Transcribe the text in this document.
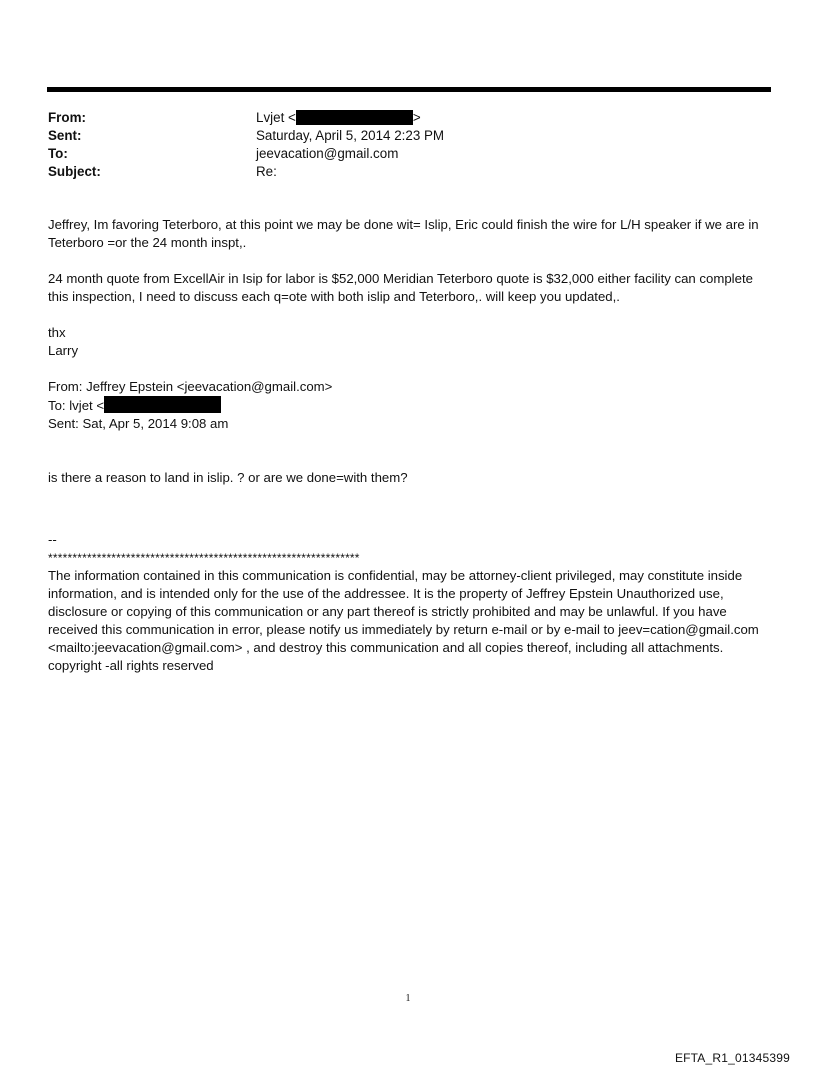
From:	Lvjet <	>
Sent:	Saturday, April 5, 2014 2:23 PM
To:	jeevacation@gmail.com
Subject:	Re:

Jeffrey, Im favoring Teterboro, at this point we may be done wit= Islip, Eric could finish the wire for L/H speaker if we are in Teterboro =or the 24 month inspt,.

24 month quote from ExcellAir in Isip for labor is $52,000 Meridian Teterboro quote is $32,000 either facility can complete this inspection, I need to discuss each q=ote with both islip and Teterboro,. will keep you updated,.

thx

Larry

From: Jeffrey Epstein <jeevacation@gmail.com>

To: lvjet <

Sent: Sat, Apr 5, 2014 9:08 am

is there a reason to land in islip. ? or are we done=with them?

--

****************************************************************

The information contained in this communication is confidential, may be attorney-client privileged, may constitute inside information, and is intended only for the use of the addressee. It is the property of Jeffrey Epstein Unauthorized use, disclosure or copying of this communication or any part thereof is strictly prohibited and may be unlawful. If you have received this communication in error, please notify us immediately by return e-mail or by e-mail to jeev=cation@gmail.com <mailto:jeevacation@gmail.com> , and destroy this communication and all copies thereof, including all attachments. copyright -all rights reserved

1
EFTA_R1_01345399
